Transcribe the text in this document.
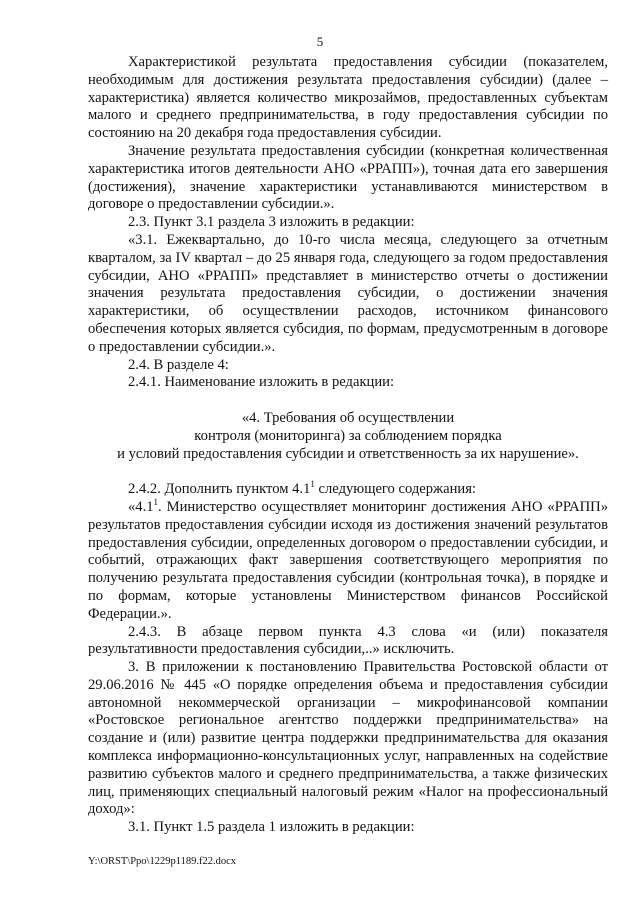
5

Характеристикой результата предоставления субсидии (показателем, необходимым для достижения результата предоставления субсидии) (далее – характеристика) является количество микрозаймов, предоставленных субъектам малого и среднего предпринимательства, в году предоставления субсидии по состоянию на 20 декабря года предоставления субсидии.

Значение результата предоставления субсидии (конкретная количественная характеристика итогов деятельности АНО «РРАПП»), точная дата его завершения (достижения), значение характеристики устанавливаются министерством в договоре о предоставлении субсидии.».

2.3. Пункт 3.1 раздела 3 изложить в редакции:

«3.1. Ежеквартально, до 10-го числа месяца, следующего за отчетным кварталом, за IV квартал – до 25 января года, следующего за годом предоставления субсидии, АНО «РРАПП» представляет в министерство отчеты о достижении значения результата предоставления субсидии, о достижении значения характеристики, об осуществлении расходов, источником финансового обеспечения которых является субсидия, по формам, предусмотренным в договоре о предоставлении субсидии.».

2.4. В разделе 4:

2.4.1. Наименование изложить в редакции:

«4. Требования об осуществлении
контроля (мониторинга) за соблюдением порядка
и условий предоставления субсидии и ответственность за их нарушение».

2.4.2. Дополнить пунктом $4.1^1$ следующего содержания:

«$4.1^1$. Министерство осуществляет мониторинг достижения АНО «РРАПП» результатов предоставления субсидии исходя из достижения значений результатов предоставления субсидии, определенных договором о предоставлении субсидии, и событий, отражающих факт завершения соответствующего мероприятия по получению результата предоставления субсидии (контрольная точка), в порядке и по формам, которые установлены Министерством финансов Российской Федерации.».

2.4.3. В абзаце первом пункта 4.3 слова «и (или) показателя результативности предоставления субсидии,..» исключить.

3. В приложении к постановлению Правительства Ростовской области от 29.06.2016 № 445 «О порядке определения объема и предоставления субсидии автономной некоммерческой организации – микрофинансовой компании «Ростовское региональное агентство поддержки предпринимательства» на создание и (или) развитие центра поддержки предпринимательства для оказания комплекса информационно-консультационных услуг, направленных на содействие развитию субъектов малого и среднего предпринимательства, а также физических лиц, применяющих специальный налоговый режим «Налог на профессиональный доход»:

3.1. Пункт 1.5 раздела 1 изложить в редакции:

Y:\ORST\Ppo\1229p1189.f22.docx
